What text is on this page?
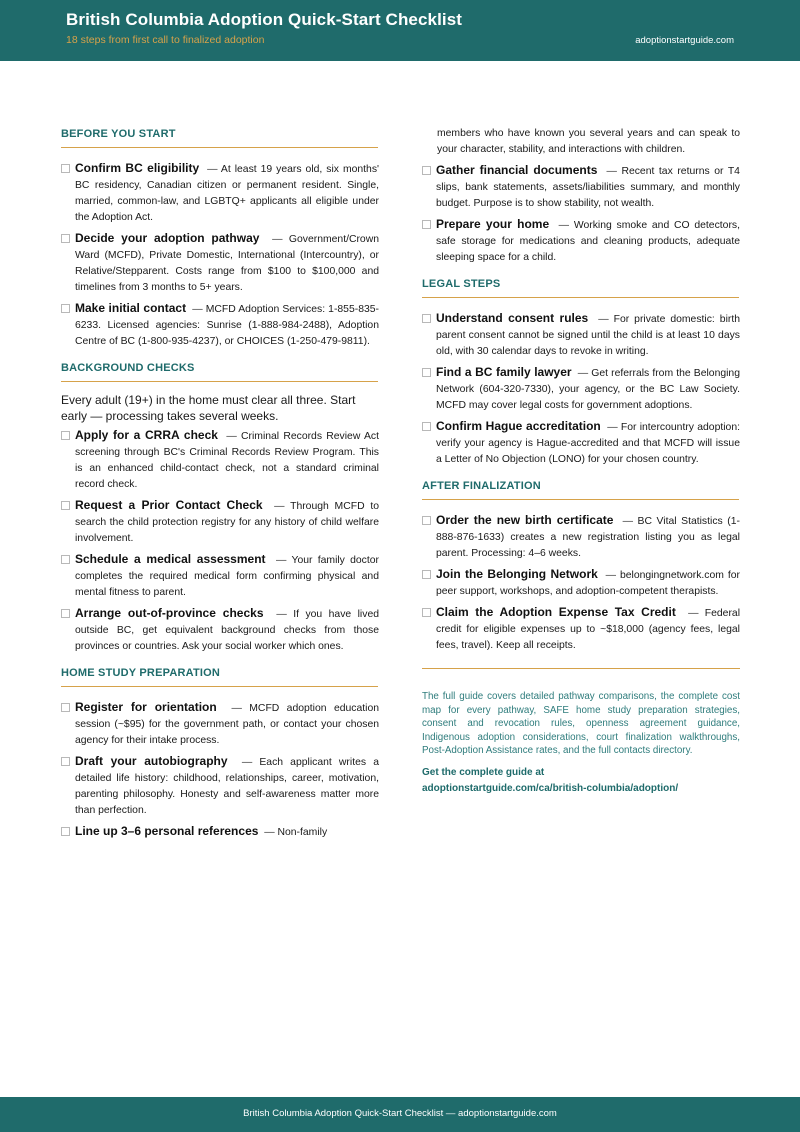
British Columbia Adoption Quick-Start Checklist
18 steps from first call to finalized adoption	adoptionstartguide.com
BEFORE YOU START
Confirm BC eligibility  — At least 19 years old, six months' BC residency, Canadian citizen or permanent resident. Single, married, common-law, and LGBTQ+ applicants all eligible under the Adoption Act.
Decide your adoption pathway  — Government/Crown Ward (MCFD), Private Domestic, International (Intercountry), or Relative/Stepparent. Costs range from $100 to $100,000 and timelines from 3 months to 5+ years.
Make initial contact  — MCFD Adoption Services: 1-855-835-6233. Licensed agencies: Sunrise (1-888-984-2488), Adoption Centre of BC (1-800-935-4237), or CHOICES (1-250-479-9811).
BACKGROUND CHECKS
Every adult (19+) in the home must clear all three. Start early — processing takes several weeks.
Apply for a CRRA check  — Criminal Records Review Act screening through BC's Criminal Records Review Program. This is an enhanced child-contact check, not a standard criminal record check.
Request a Prior Contact Check  — Through MCFD to search the child protection registry for any history of child welfare involvement.
Schedule a medical assessment  — Your family doctor completes the required medical form confirming physical and mental fitness to parent.
Arrange out-of-province checks  — If you have lived outside BC, get equivalent background checks from those provinces or countries. Ask your social worker which ones.
HOME STUDY PREPARATION
Register for orientation  — MCFD adoption education session (~$95) for the government path, or contact your chosen agency for their intake process.
Draft your autobiography  — Each applicant writes a detailed life history: childhood, relationships, career, motivation, parenting philosophy. Honesty and self-awareness matter more than perfection.
Line up 3–6 personal references  — Non-family
members who have known you several years and can speak to your character, stability, and interactions with children.
Gather financial documents  — Recent tax returns or T4 slips, bank statements, assets/liabilities summary, and monthly budget. Purpose is to show stability, not wealth.
Prepare your home  — Working smoke and CO detectors, safe storage for medications and cleaning products, adequate sleeping space for a child.
LEGAL STEPS
Understand consent rules  — For private domestic: birth parent consent cannot be signed until the child is at least 10 days old, with 30 calendar days to revoke in writing.
Find a BC family lawyer  — Get referrals from the Belonging Network (604-320-7330), your agency, or the BC Law Society. MCFD may cover legal costs for government adoptions.
Confirm Hague accreditation  — For intercountry adoption: verify your agency is Hague-accredited and that MCFD will issue a Letter of No Objection (LONO) for your chosen country.
AFTER FINALIZATION
Order the new birth certificate  — BC Vital Statistics (1-888-876-1633) creates a new registration listing you as legal parent. Processing: 4–6 weeks.
Join the Belonging Network  — belongingnetwork.com for peer support, workshops, and adoption-competent therapists.
Claim the Adoption Expense Tax Credit  — Federal credit for eligible expenses up to ~$18,000 (agency fees, legal fees, travel). Keep all receipts.
The full guide covers detailed pathway comparisons, the complete cost map for every pathway, SAFE home study preparation strategies, consent and revocation rules, openness agreement guidance, Indigenous adoption considerations, court finalization walkthroughs, Post-Adoption Assistance rates, and the full contacts directory.
Get the complete guide at
adoptionstartguide.com/ca/british-columbia/adoption/
British Columbia Adoption Quick-Start Checklist — adoptionstartguide.com
